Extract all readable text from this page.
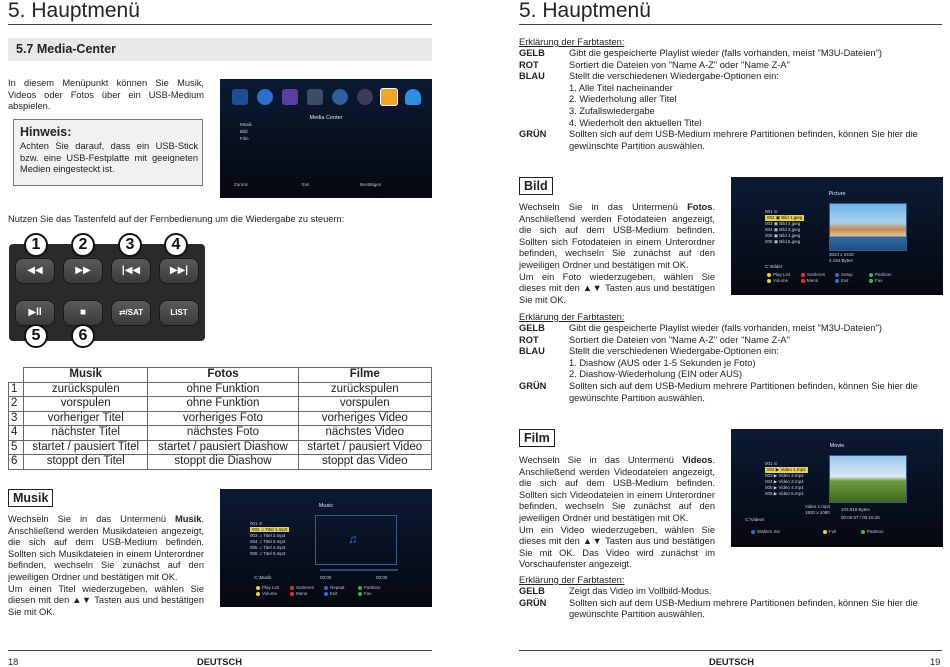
5. Hauptmenü
5.7 Media-Center
In diesem Menüpunkt können Sie Musik, Videos oder Fotos über ein USB-Medium abspielen.
Hinweis:
Achten Sie darauf, dass ein USB-Stick bzw. eine USB-Festplatte mit geeigneten Medien eingesteckt ist.
Media Center
Musik
Bild
Film
Zurück	Exit	Bestätigen
Nutzen Sie das Tastenfeld auf der Fernbedienung um die Wiedergabe zu steuern:
◀◀	▶▶	|◀◀	▶▶|
▶ll	■	⇄/SAT	LIST
1	2	3	4
5	6
	Musik	Fotos	Filme
1	zurückspulen	ohne Funktion	zurückspulen
2	vorspulen	ohne Funktion	vorspulen
3	vorheriger Titel	vorheriges Foto	vorheriges Video
4	nächster Titel	nächstes Foto	nächstes Video
5	startet / pausiert Titel	startet / pausiert Diashow	startet / pausiert Video
6	stoppt den Titel	stoppt die Diashow	stoppt das Video
Musik

Wechseln Sie in das Untermenü Musik. Anschließend werden Musikdateien angezeigt, die sich auf dem USB-Medium befinden. Sollten sich Musikdateien in einem Unterordner befinden, wechseln Sie zunächst auf den jeweiligen Ordner und bestätigen mit OK.

Um einen Titel wiederzugeben, wählen Sie diesen mit den ▲▼ Tasten aus und bestätigen Sie mit OK.

Music
001 ⊙
002 ♫ Titel 1.mp3
003 ♫ Titel 2.mp3
004 ♫ Titel 3.mp3
005 ♫ Titel 4.mp3
006 ♫ Titel 5.mp3
♫
C:\Musik	00:00	00:00
Play List	Sortieren	Repeat	Partition
Volume	Menü	Exit	Fav
18	DEUTSCH
5. Hauptmenü
Erklärung der Farbtasten:
GELB	Gibt die gespeicherte Playlist wieder (falls vorhanden, meist "M3U-Dateien")
ROT	Sortiert die Dateien von "Name A-Z" oder "Name Z-A"
BLAU	Stellt die verschiedenen Wiedergabe-Optionen ein:
1. Alle Titel nacheinander
2. Wiederholung aller Titel
3. Zufallswiedergabe
4. Wiederholt den aktuellen Titel
GRÜN Sollten sich auf dem USB-Medium mehrere Partitionen befinden, können Sie hier die
gewünschte Partition auswählen.
Bild

Wechseln Sie in das Untermenü Fotos. Anschließend werden Fotodateien angezeigt, die sich auf dem USB-Medium befinden. Sollten sich Fotodateien in einem Unterordner befinden, wechseln Sie zunächst auf den jeweiligen Ordner und bestätigen mit OK.

Um ein Foto wiederzugeben, wählen Sie dieses mit den ▲▼ Tasten aus und bestätigen Sie mit OK.

Picture
001 ⊙
002 ▣ Bild 1.jpeg
003 ▣ Bild 2.jpeg
004 ▣ Bild 3.jpeg
005 ▣ Bild 4.jpeg
006 ▣ Bild 5.jpeg
3024 x 2415
4.194 Bytes
C:\Bilder
Play List	Sortieren	Setup	Partition
Volume	Menü	Exit	Fav
Erklärung der Farbtasten:
GELB	Gibt die gespeicherte Playlist wieder (falls vorhanden, meist "M3U-Dateien")
ROT	Sortiert die Dateien von "Name A-Z" oder "Name Z-A"
BLAU	Stellt die verschiedenen Wiedergabe-Optionen ein:
1. Diashow (AUS oder 1-5 Sekunden je Foto)
2. Diashow-Wiederholung (EIN oder AUS)
GRÜN Sollten sich auf dem USB-Medium mehrere Partitionen befinden, können Sie hier die
gewünschte Partition auswählen.
Film

Wechseln Sie in das Untermenü Videos. Anschließend werden Videodateien angezeigt, die sich auf dem USB-Medium befinden. Sollten sich Videodateien in einem Unterordner befinden, wechseln Sie zunächst auf den jeweiligen Ordner und bestätigen mit OK.

Um ein Video wiederzugeben, wählen Sie dieses mit den ▲▼ Tasten aus und bestätigen Sie mit OK. Das Video wird zunächst im Vorschaufenster angezeigt.

Movie
001 ⊙
002 ▶ Video 1.mp4
003 ▶ Video 2.mp4
004 ▶ Video 3.mp4
005 ▶ Video 4.mp4
006 ▶ Video 5.mp4
Video 1.mp4
1920 x 1080
103.919 Bytes
00:00:57 / 00:15:26
C:\Videos
Wählen Sie	Full	Partition
Erklärung der Farbtasten:
GELB	Zeigt das Video im Vollbild-Modus.
GRÜN Sollten sich auf dem USB-Medium mehrere Partitionen befinden, können Sie hier die
gewünschte Partition auswählen.
DEUTSCH	19
